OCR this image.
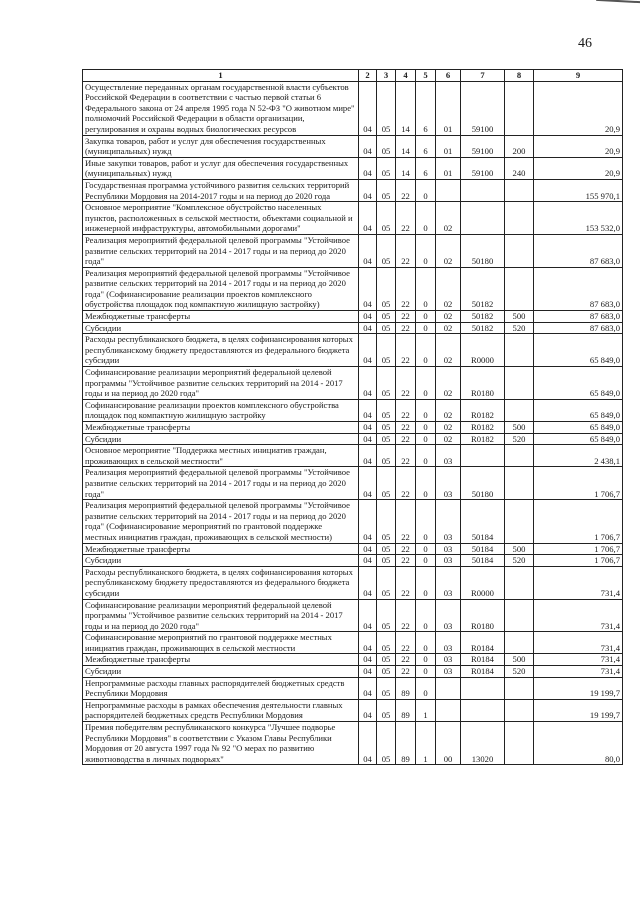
46
1	2	3	4	5	6	7	8	9
Осуществление переданных органам государственной власти субъектов Российской Федерации в соответствии с частью первой статьи 6 Федерального закона от 24 апреля 1995 года N 52-ФЗ "О животном мире" полномочий Российской Федерации в области организации, регулирования и охраны водных биологических ресурсов	04	05	14	6	01	59100		20,9
Закупка товаров, работ и услуг для обеспечения государственных (муниципальных) нужд	04	05	14	6	01	59100	200	20,9
Иные закупки товаров, работ и услуг для обеспечения государственных (муниципальных) нужд	04	05	14	6	01	59100	240	20,9
Государственная программа устойчивого развития сельских территорий Республики Мордовия на 2014-2017 годы и на период до 2020 года	04	05	22	0				155 970,1
Основное мероприятие "Комплексное обустройство населенных пунктов, расположенных в сельской местности, объектами социальной и инженерной инфраструктуры, автомобильными дорогами"	04	05	22	0	02			153 532,0
Реализация мероприятий федеральной целевой программы "Устойчивое развитие сельских территорий на 2014 - 2017 годы и на период до 2020 года"	04	05	22	0	02	50180		87 683,0
Реализация мероприятий федеральной целевой программы "Устойчивое развитие сельских территорий на 2014 - 2017 годы и на период до 2020 года" (Софинансирование реализации проектов комплексного обустройства площадок под компактную жилищную застройку)	04	05	22	0	02	50182		87 683,0
Межбюджетные трансферты	04	05	22	0	02	50182	500	87 683,0
Субсидии	04	05	22	0	02	50182	520	87 683,0
Расходы республиканского бюджета, в целях софинансирования которых республиканскому бюджету предоставляются из федерального бюджета субсидии	04	05	22	0	02	R0000		65 849,0
Софинансирование реализации мероприятий федеральной целевой программы "Устойчивое развитие сельских территорий на 2014 - 2017 годы и на период до 2020 года"	04	05	22	0	02	R0180		65 849,0
Софинансирование реализации проектов комплексного обустройства площадок под компактную жилищную застройку	04	05	22	0	02	R0182		65 849,0
Межбюджетные трансферты	04	05	22	0	02	R0182	500	65 849,0
Субсидии	04	05	22	0	02	R0182	520	65 849,0
Основное мероприятие "Поддержка местных инициатив граждан, проживающих в сельской местности"	04	05	22	0	03			2 438,1
Реализация мероприятий федеральной целевой программы "Устойчивое развитие сельских территорий на 2014 - 2017 годы и на период до 2020 года"	04	05	22	0	03	50180		1 706,7
Реализация мероприятий федеральной целевой программы "Устойчивое развитие сельских территорий на 2014 - 2017 годы и на период до 2020 года" (Софинансирование мероприятий по грантовой поддержке местных инициатив граждан, проживающих в сельской местности)	04	05	22	0	03	50184		1 706,7
Межбюджетные трансферты	04	05	22	0	03	50184	500	1 706,7
Субсидии	04	05	22	0	03	50184	520	1 706,7
Расходы республиканского бюджета, в целях софинансирования которых республиканскому бюджету предоставляются из федерального бюджета субсидии	04	05	22	0	03	R0000		731,4
Софинансирование реализации мероприятий федеральной целевой программы "Устойчивое развитие сельских территорий на 2014 - 2017 годы и на период до 2020 года"	04	05	22	0	03	R0180		731,4
Софинансирование мероприятий по грантовой поддержке местных инициатив граждан, проживающих в сельской местности	04	05	22	0	03	R0184		731,4
Межбюджетные трансферты	04	05	22	0	03	R0184	500	731,4
Субсидии	04	05	22	0	03	R0184	520	731,4
Непрограммные расходы главных распорядителей бюджетных средств Республики Мордовия	04	05	89	0				19 199,7
Непрограммные расходы в рамках обеспечения деятельности главных распорядителей бюджетных средств Республики Мордовия	04	05	89	1				19 199,7
Премия победителям республиканского конкурса "Лучшее подворье Республики Мордовия" в соответствии с Указом Главы Республики Мордовия от 20 августа 1997 года № 92 "О мерах по развитию животноводства в личных подворьях"	04	05	89	1	00	13020		80,0
